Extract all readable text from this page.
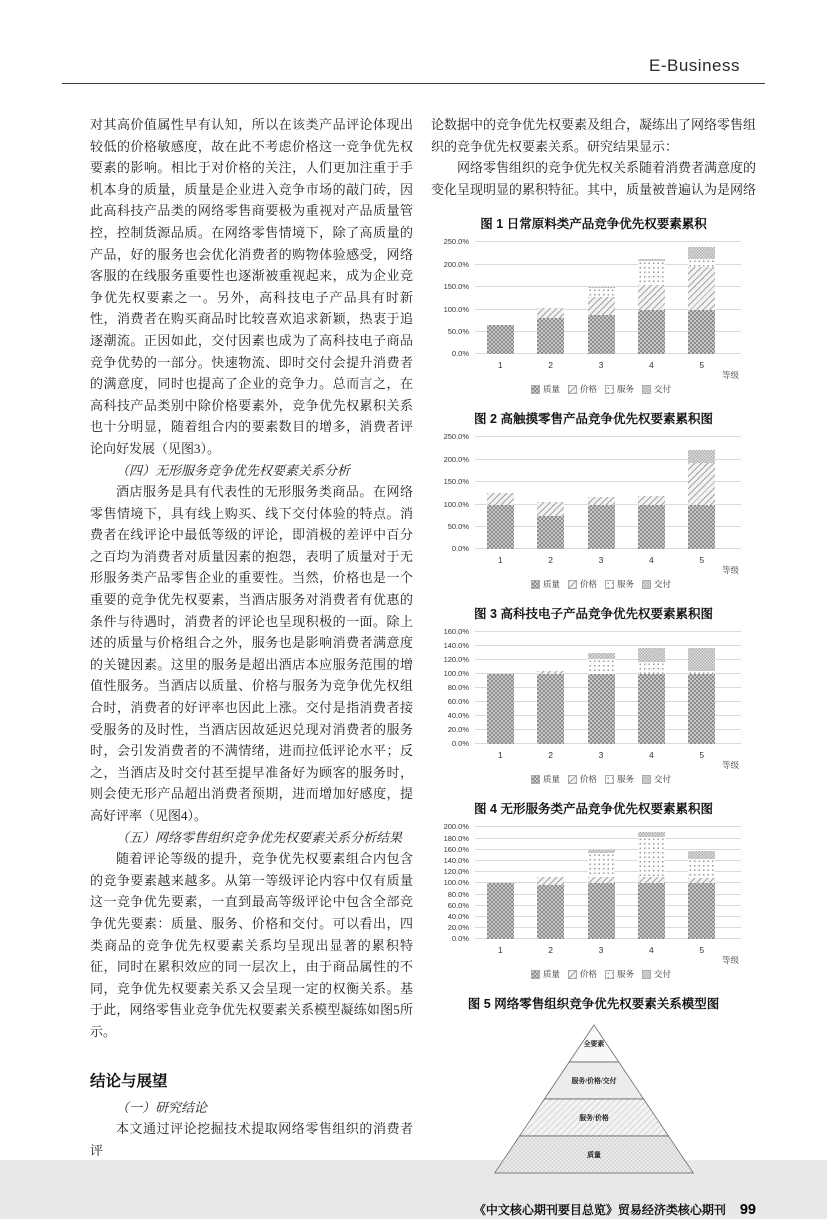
E-Business

对其高价值属性早有认知，所以在该类产品评论体现出较低的价格敏感度，故在此不考虑价格这一竞争优先权要素的影响。相比于对价格的关注，人们更加注重于手机本身的质量，质量是企业进入竞争市场的敲门砖，因此高科技产品类的网络零售商要极为重视对产品质量管控，控制货源品质。在网络零售情境下，除了高质量的产品，好的服务也会优化消费者的购物体验感受，网络客服的在线服务重要性也逐渐被重视起来，成为企业竞争优先权要素之一。另外，高科技电子产品具有时新性，消费者在购买商品时比较喜欢追求新颖，热衷于追逐潮流。正因如此，交付因素也成为了高科技电子商品竞争优势的一部分。快速物流、即时交付会提升消费者的满意度，同时也提高了企业的竞争力。总而言之，在高科技产品类别中除价格要素外，竞争优先权累积关系也十分明显，随着组合内的要素数目的增多，消费者评论向好发展（见图3）。

（四）无形服务竞争优先权要素关系分析

酒店服务是具有代表性的无形服务类商品。在网络零售情境下，具有线上购买、线下交付体验的特点。消费者在线评论中最低等级的评论，即消极的差评中百分之百均为消费者对质量因素的抱怨，表明了质量对于无形服务类产品零售企业的重要性。当然，价格也是一个重要的竞争优先权要素，当酒店服务对消费者有优惠的条件与待遇时，消费者的评论也呈现积极的一面。除上述的质量与价格组合之外，服务也是影响消费者满意度的关键因素。这里的服务是超出酒店本应服务范围的增值性服务。当酒店以质量、价格与服务为竞争优先权组合时，消费者的好评率也因此上涨。交付是指消费者接受服务的及时性，当酒店因故延迟兑现对消费者的服务时，会引发消费者的不满情绪，进而拉低评论水平；反之，当酒店及时交付甚至提早准备好为顾客的服务时，则会使无形产品超出消费者预期，进而增加好感度，提高好评率（见图4）。

（五）网络零售组织竞争优先权要素关系分析结果

随着评论等级的提升，竞争优先权要素组合内包含的竞争要素越来越多。从第一等级评论内容中仅有质量这一竞争优先要素，一直到最高等级评论中包含全部竞争优先要素：质量、服务、价格和交付。可以看出，四类商品的竞争优先权要素关系均呈现出显著的累积特征，同时在累积效应的同一层次上，由于商品属性的不同，竞争优先权要素关系又会呈现一定的权衡关系。基于此，网络零售业竞争优先权要素关系模型凝练如图5所示。

结论与展望

（一）研究结论

本文通过评论挖掘技术提取网络零售组织的消费者评

论数据中的竞争优先权要素及组合，凝练出了网络零售组织的竞争优先权要素关系。研究结果显示：

网络零售组织的竞争优先权关系随着消费者满意度的变化呈现明显的累积特征。其中，质量被普遍认为是网络

图 1 日常原料类产品竞争优先权要素累积
0.0%
50.0%
100.0%
150.0%
200.0%
250.0%
1	2	3	4	5
等级
质量 价格 服务 交付
图 2 高触摸零售产品竞争优先权要素累积图
0.0%
50.0%
100.0%
150.0%
200.0%
250.0%
1	2	3	4	5
等级
质量 价格 服务 交付
图 3 高科技电子产品竞争优先权要素累积图
0.0%
20.0%
40.0%
60.0%
80.0%
100.0%
120.0%
140.0%
160.0%
1	2	3	4	5
等级
质量 价格 服务 交付
图 4 无形服务类产品竞争优先权要素累积图
0.0%
20.0%
40.0%
60.0%
80.0%
100.0%
120.0%
140.0%
160.0%
180.0%
200.0%
1	2	3	4	5
等级
质量 价格 服务 交付
图 5 网络零售组织竞争优先权要素关系模型图
全要素
服务/价格/交付
服务/价格
质量
《中文核心期刊要目总览》贸易经济类核心期刊 99
